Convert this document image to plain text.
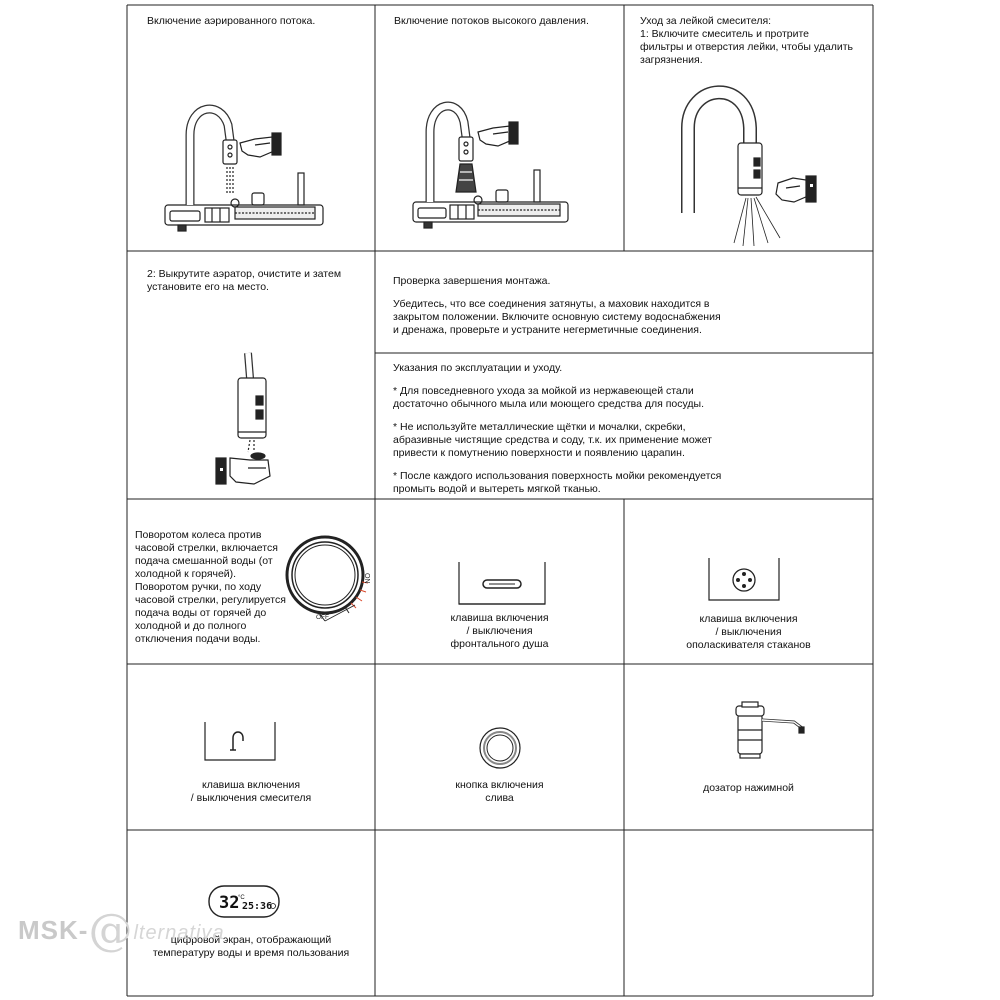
Включение аэрированного потока.	Включение потоков высокого давления.	Уход за лейкой смесителя:
1: Включите смеситель и протрите
фильтры и отверстия лейки, чтобы удалить
загрязнения.
2: Выкрутите аэратор, очистите и затем
установите его на место.	Проверка завершения монтажа.

Убедитесь, что все соединения затянуты, а маховик находится в
закрытом положении. Включите основную систему водоснабжения
и дренажа, проверьте и устраните негерметичные соединения.

Указания по эксплуатации и уходу.

* Для повседневного ухода за мойкой из нержавеющей стали
достаточно обычного мыла или моющего средства для посуды.

* Не используйте металлические щётки и мочалки, скребки,
абразивные чистящие средства и соду, т.к. их применение может
привести к помутнению поверхности и появлению царапин.

* После каждого использования поверхность мойки рекомендуется
промыть водой и вытереть мягкой тканью.

Поворотом колеса против
часовой стрелки, включается
подача смешанной воды (от
холодной к горячей).
Поворотом ручки, по ходу
часовой стрелки, регулируется
подача воды от горячей до
холодной и до полного
отключения подачи воды.
ON
OFF	клавиша включения
/ выключения
фронтального душа
клавиша включения
/ выключения
ополаскивателя стаканов
клавиша включения
/ выключения смесителя
кнопка включения
слива
дозатор нажимной
цифровой экран, отображающий
температуру воды и время пользования
32
°C
25:36
MSK-@lternativa
